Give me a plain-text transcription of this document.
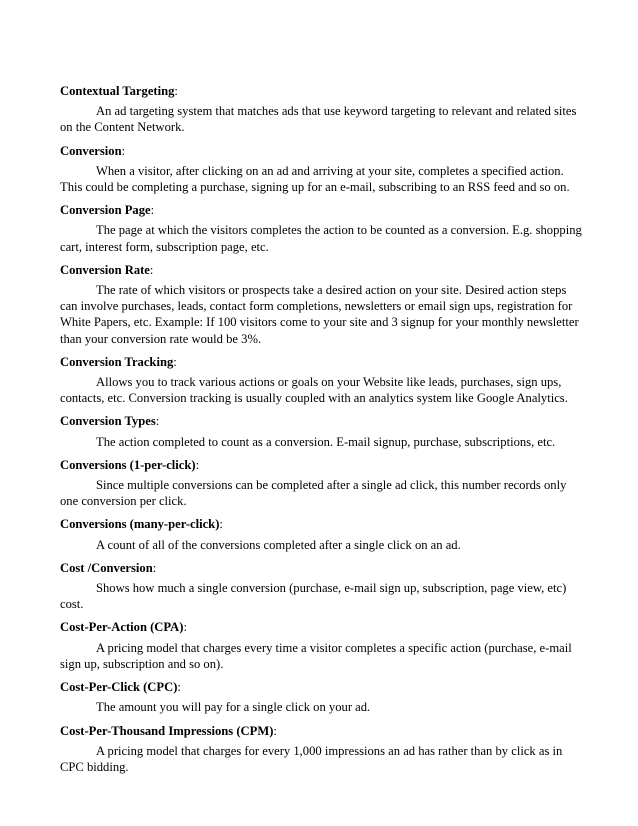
Contextual Targeting:

An ad targeting system that matches ads that use keyword targeting to relevant and related sites on the Content Network.

Conversion:

When a visitor, after clicking on an ad and arriving at your site, completes a specified action. This could be completing a purchase, signing up for an e-mail, subscribing to an RSS feed and so on.

Conversion Page:

The page at which the visitors completes the action to be counted as a conversion. E.g. shopping cart, interest form, subscription page, etc.

Conversion Rate:

The rate of which visitors or prospects take a desired action on your site. Desired action steps can involve purchases, leads, contact form completions, newsletters or email sign ups, registration for White Papers, etc. Example: If 100 visitors come to your site and 3 signup for your monthly newsletter than your conversion rate would be 3%.

Conversion Tracking:

Allows you to track various actions or goals on your Website like leads, purchases, sign ups, contacts, etc. Conversion tracking is usually coupled with an analytics system like Google Analytics.

Conversion Types:

The action completed to count as a conversion. E-mail signup, purchase, subscriptions, etc.

Conversions (1-per-click):

Since multiple conversions can be completed after a single ad click, this number records only one conversion per click.

Conversions (many-per-click):

A count of all of the conversions completed after a single click on an ad.

Cost /Conversion:

Shows how much a single conversion (purchase, e-mail sign up, subscription, page view, etc) cost.

Cost-Per-Action (CPA):

A pricing model that charges every time a visitor completes a specific action (purchase, e-mail sign up, subscription and so on).

Cost-Per-Click (CPC):

The amount you will pay for a single click on your ad.

Cost-Per-Thousand Impressions (CPM):

A pricing model that charges for every 1,000 impressions an ad has rather than by click as in CPC bidding.
